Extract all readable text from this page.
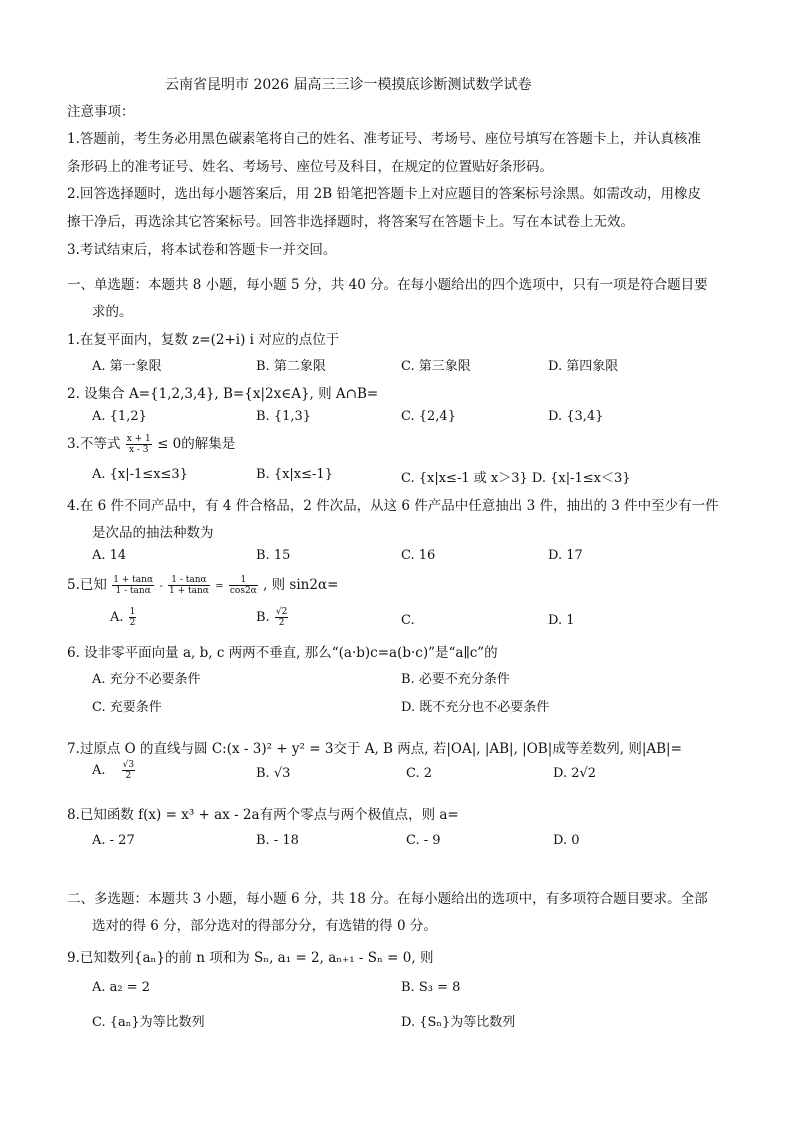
云南省昆明市 2026 届高三三诊一模摸底诊断测试数学试卷
注意事项：
1.答题前，考生务必用黑色碳素笔将自己的姓名、准考证号、考场号、座位号填写在答题卡上，并认真核准
条形码上的准考证号、姓名、考场号、座位号及科目，在规定的位置贴好条形码。
2.回答选择题时，选出每小题答案后，用 2B 铅笔把答题卡上对应题目的答案标号涂黑。如需改动，用橡皮
擦干净后，再选涂其它答案标号。回答非选择题时，将答案写在答题卡上。写在本试卷上无效。
3.考试结束后，将本试卷和答题卡一并交回。
一、单选题：本题共 8 小题，每小题 5 分，共 40 分。在每小题给出的四个选项中，只有一项是符合题目要
求的。
1.在复平面内，复数 z=(2+i) i 对应的点位于
A. 第一象限	B. 第二象限	C. 第三象限	D. 第四象限
2. 设集合 A={1,2,3,4}, B={x|2x∈A}, 则 A∩B=
A. {1,2}	B. {1,3}	C. {2,4}	D. {3,4}
3.不等式 $\frac{x + 1}{x - 3} \le 0$的解集是
A. {x|-1≤x≤3}	B. {x|x≤-1}	C. {x|x≤-1 或 x＞3} D. {x|-1≤x＜3}
4.在 6 件不同产品中，有 4 件合格品，2 件次品，从这 6 件产品中任意抽出 3 件，抽出的 3 件中至少有一件
是次品的抽法种数为
A. 14	B. 15	C. 16	D. 17
5.已知 $\frac{1 + \tan\alpha}{1 - \tan\alpha} - \frac{1 - \tan\alpha}{1 + \tan\alpha} = \frac{1}{\cos 2\alpha}$ , 则 sin2α=
A. $\frac{1}{2}$	B. $\frac{√2}{2}$	C.	D. 1
6. 设非零平面向量 a, b, c 两两不垂直, 那么“(a·b)c=a(b·c)”是“a∥c”的
A. 充分不必要条件	B. 必要不充分条件
C. 充要条件	D. 既不充分也不必要条件
7.过原点 O 的直线与圆 C:(x - 3)² + y² = 3交于 A, B 两点, 若|OA|, |AB|, |OB|成等差数列, 则|AB|=
A. $\frac{√3}{2}$	B. √3	C. 2	D. 2√2
8.已知函数 f(x) = x³ + ax - 2a有两个零点与两个极值点，则 a=
A. - 27	B. - 18	C. - 9	D. 0
二、多选题：本题共 3 小题，每小题 6 分，共 18 分。在每小题给出的选项中，有多项符合题目要求。全部
选对的得 6 分，部分选对的得部分分，有选错的得 0 分。
9.已知数列{aₙ}的前 n 项和为 Sₙ, a₁ = 2, aₙ₊₁ - Sₙ = 0, 则
A. a₂ = 2	B. S₃ = 8
C. {aₙ}为等比数列	D. {Sₙ}为等比数列
